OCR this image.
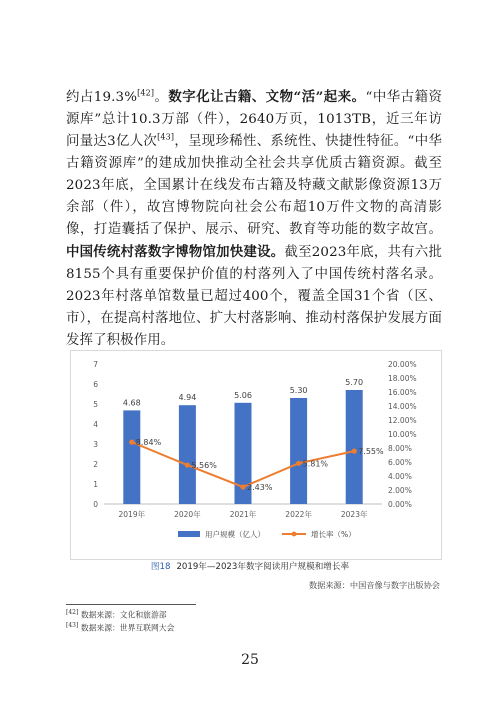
约占19.3%[42]。数字化让古籍、文物“活”起来。“中华古籍资源库”总计10.3万部（件），2640万页，1013TB，近三年访问量达3亿人次[43]，呈现珍稀性、系统性、快捷性特征。“中华古籍资源库”的建成加快推动全社会共享优质古籍资源。截至2023年底，全国累计在线发布古籍及特藏文献影像资源13万余部（件），故宫博物院向社会公布超10万件文物的高清影像，打造囊括了保护、展示、研究、教育等功能的数字故宫。中国传统村落数字博物馆加快建设。截至2023年底，共有六批8155个具有重要保护价值的村落列入了中国传统村落名录。2023年村落单馆数量已超过400个，覆盖全国31个省（区、市），在提高村落地位、扩大村落影响、推动村落保护发展方面发挥了积极作用。

0
1
2
3
4
5
6
7
0.00%
2.00%
4.00%
6.00%
8.00%
10.00%
12.00%
14.00%
16.00%
18.00%
20.00%
4.68
2019年
4.94
2020年
5.06
2021年
5.30
2022年
5.70
2023年
8.84%
5.56%
2.43%
5.81%
7.55%
用户规模（亿人）	增长率（%）
图18 2019年—2023年数字阅读用户规模和增长率
数据来源：中国音像与数字出版协会
[42] 数据来源：文化和旅游部
[43] 数据来源：世界互联网大会
25
